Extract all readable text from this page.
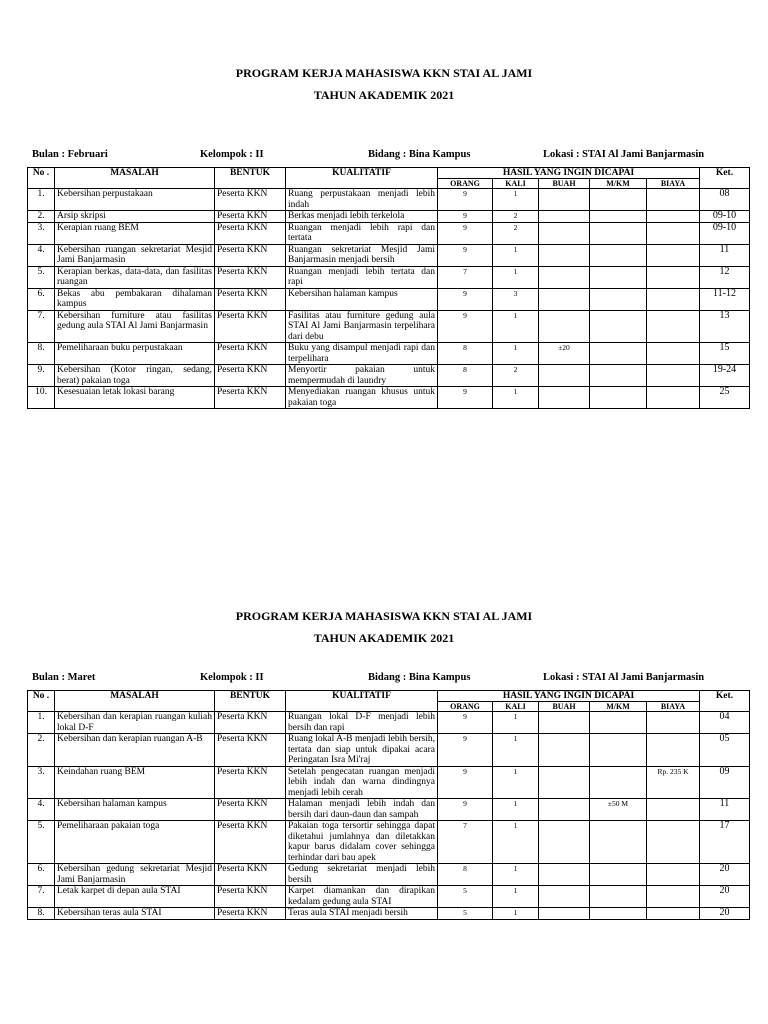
PROGRAM KERJA MAHASISWA KKN STAI AL JAMI
TAHUN AKADEMIK 2021
Bulan : Februari	Kelompok : II	Bidang : Bina Kampus	Lokasi : STAI Al Jami Banjarmasin
No .	MASALAH	BENTUK	KUALITATIF	HASIL YANG INGIN DICAPAI					Ket.
				ORANG	KALI	BUAH	M/KM	BIAYA	
1.	Kebersihan perpustakaan	Peserta KKN	Ruang perpustakaan menjadi lebih indah	9	1				08
2.	Arsip skripsi	Peserta KKN	Berkas menjadi lebih terkelola	9	2				09-10
3.	Kerapian ruang BEM	Peserta KKN	Ruangan menjadi lebih rapi dan tertata	9	2				09-10
4.	Kebersihan ruangan sekretariat Mesjid Jami Banjarmasin	Peserta KKN	Ruangan sekretariat Mesjid Jami Banjarmasin menjadi bersih	9	1				11
5.	Kerapian berkas, data-data, dan fasilitas ruangan	Peserta KKN	Ruangan menjadi lebih tertata dan rapi	7	1				12
6.	Bekas abu pembakaran dihalaman kampus	Peserta KKN	Kebersihan halaman kampus	9	3				11-12
7.	Kebersihan furniture atau fasilitas gedung aula STAI Al Jami Banjarmasin	Peserta KKN	Fasilitas atau furniture gedung aula STAI Al Jami Banjarmasin terpelihara dari debu	9	1				13
8.	Pemeliharaan buku perpustakaan	Peserta KKN	Buku yang disampul menjadi rapi dan terpelihara	8	1	±20			15
9.	Kebersihan (Kotor ringan, sedang, berat) pakaian toga	Peserta KKN	Menyortir pakaian untuk mempermudah di laundry	8	2				19-24
10.	Kesesuaian letak lokasi barang	Peserta KKN	Menyediakan ruangan khusus untuk pakaian toga	9	1				25
PROGRAM KERJA MAHASISWA KKN STAI AL JAMI
TAHUN AKADEMIK 2021
Bulan : Maret	Kelompok : II	Bidang : Bina Kampus	Lokasi : STAI Al Jami Banjarmasin
No .	MASALAH	BENTUK	KUALITATIF	HASIL YANG INGIN DICAPAI					Ket.
				ORANG	KALI	BUAH	M/KM	BIAYA	
1.	Kebersihan dan kerapian ruangan kuliah lokal D-F	Peserta KKN	Ruangan lokal D-F menjadi lebih bersih dan rapi	9	1				04
2.	Kebersihan dan kerapian ruangan A-B	Peserta KKN	Ruang lokal A-B menjadi lebih bersih, tertata dan siap untuk dipakai acara Peringatan Isra Mi'raj	9	1				05
3.	Keindahan ruang BEM	Peserta KKN	Setelah pengecatan ruangan menjadi lebih indah dan warna dindingnya menjadi lebih cerah	9	1			Rp. 235 K	09
4.	Kebersihan halaman kampus	Peserta KKN	Halaman menjadi lebih indah dan bersih dari daun-daun dan sampah	9	1		±50 M		11
5.	Pemeliharaan pakaian toga	Peserta KKN	Pakaian toga tersortir sehingga dapat diketahui jumlahnya dan diletakkan kapur barus didalam cover sehingga terhindar dari bau apek	7	1				17
6.	Kebersihan gedung sekretariat Mesjid Jami Banjarmasin	Peserta KKN	Gedung sekretariat menjadi lebih bersih	8	1				20
7.	Letak karpet di depan aula STAI	Peserta KKN	Karpet diamankan dan dirapikan kedalam gedung aula STAI	5	1				20
8.	Kebersihan teras aula STAI	Peserta KKN	Teras aula STAI menjadi bersih	5	1				20
